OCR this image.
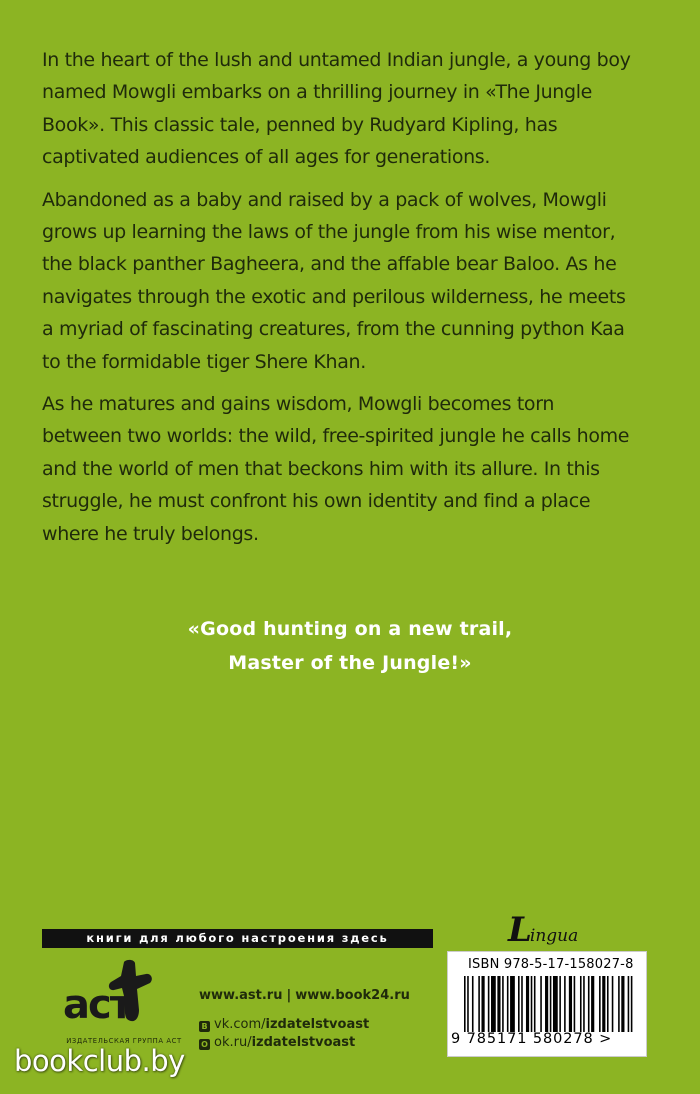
In the heart of the lush and untamed Indian jungle, a young boy named Mowgli embarks on a thrilling journey in «The Jungle Book». This classic tale, penned by Rudyard Kipling, has captivated audiences of all ages for generations.

Abandoned as a baby and raised by a pack of wolves, Mowgli grows up learning the laws of the jungle from his wise mentor, the black panther Bagheera, and the affable bear Baloo. As he navigates through the exotic and perilous wilderness, he meets a myriad of fascinating creatures, from the cunning python Kaa to the formidable tiger Shere Khan.

As he matures and gains wisdom, Mowgli becomes torn between two worlds: the wild, free-spirited jungle he calls home and the world of men that beckons him with its allure. In this struggle, he must confront his own identity and find a place where he truly belongs.

«Good hunting on a new trail,
Master of the Jungle!»
книги для любого настроения здесь	Lingua
аст
ИЗДАТЕЛЬСКАЯ ГРУППА АСТ
www.ast.ru | www.book24.ru
В vk.com/izdatelstvoast
О ok.ru/izdatelstvoast
ISBN 978-5-17-158027-8
9 785171 580278 >
bookclub.by
